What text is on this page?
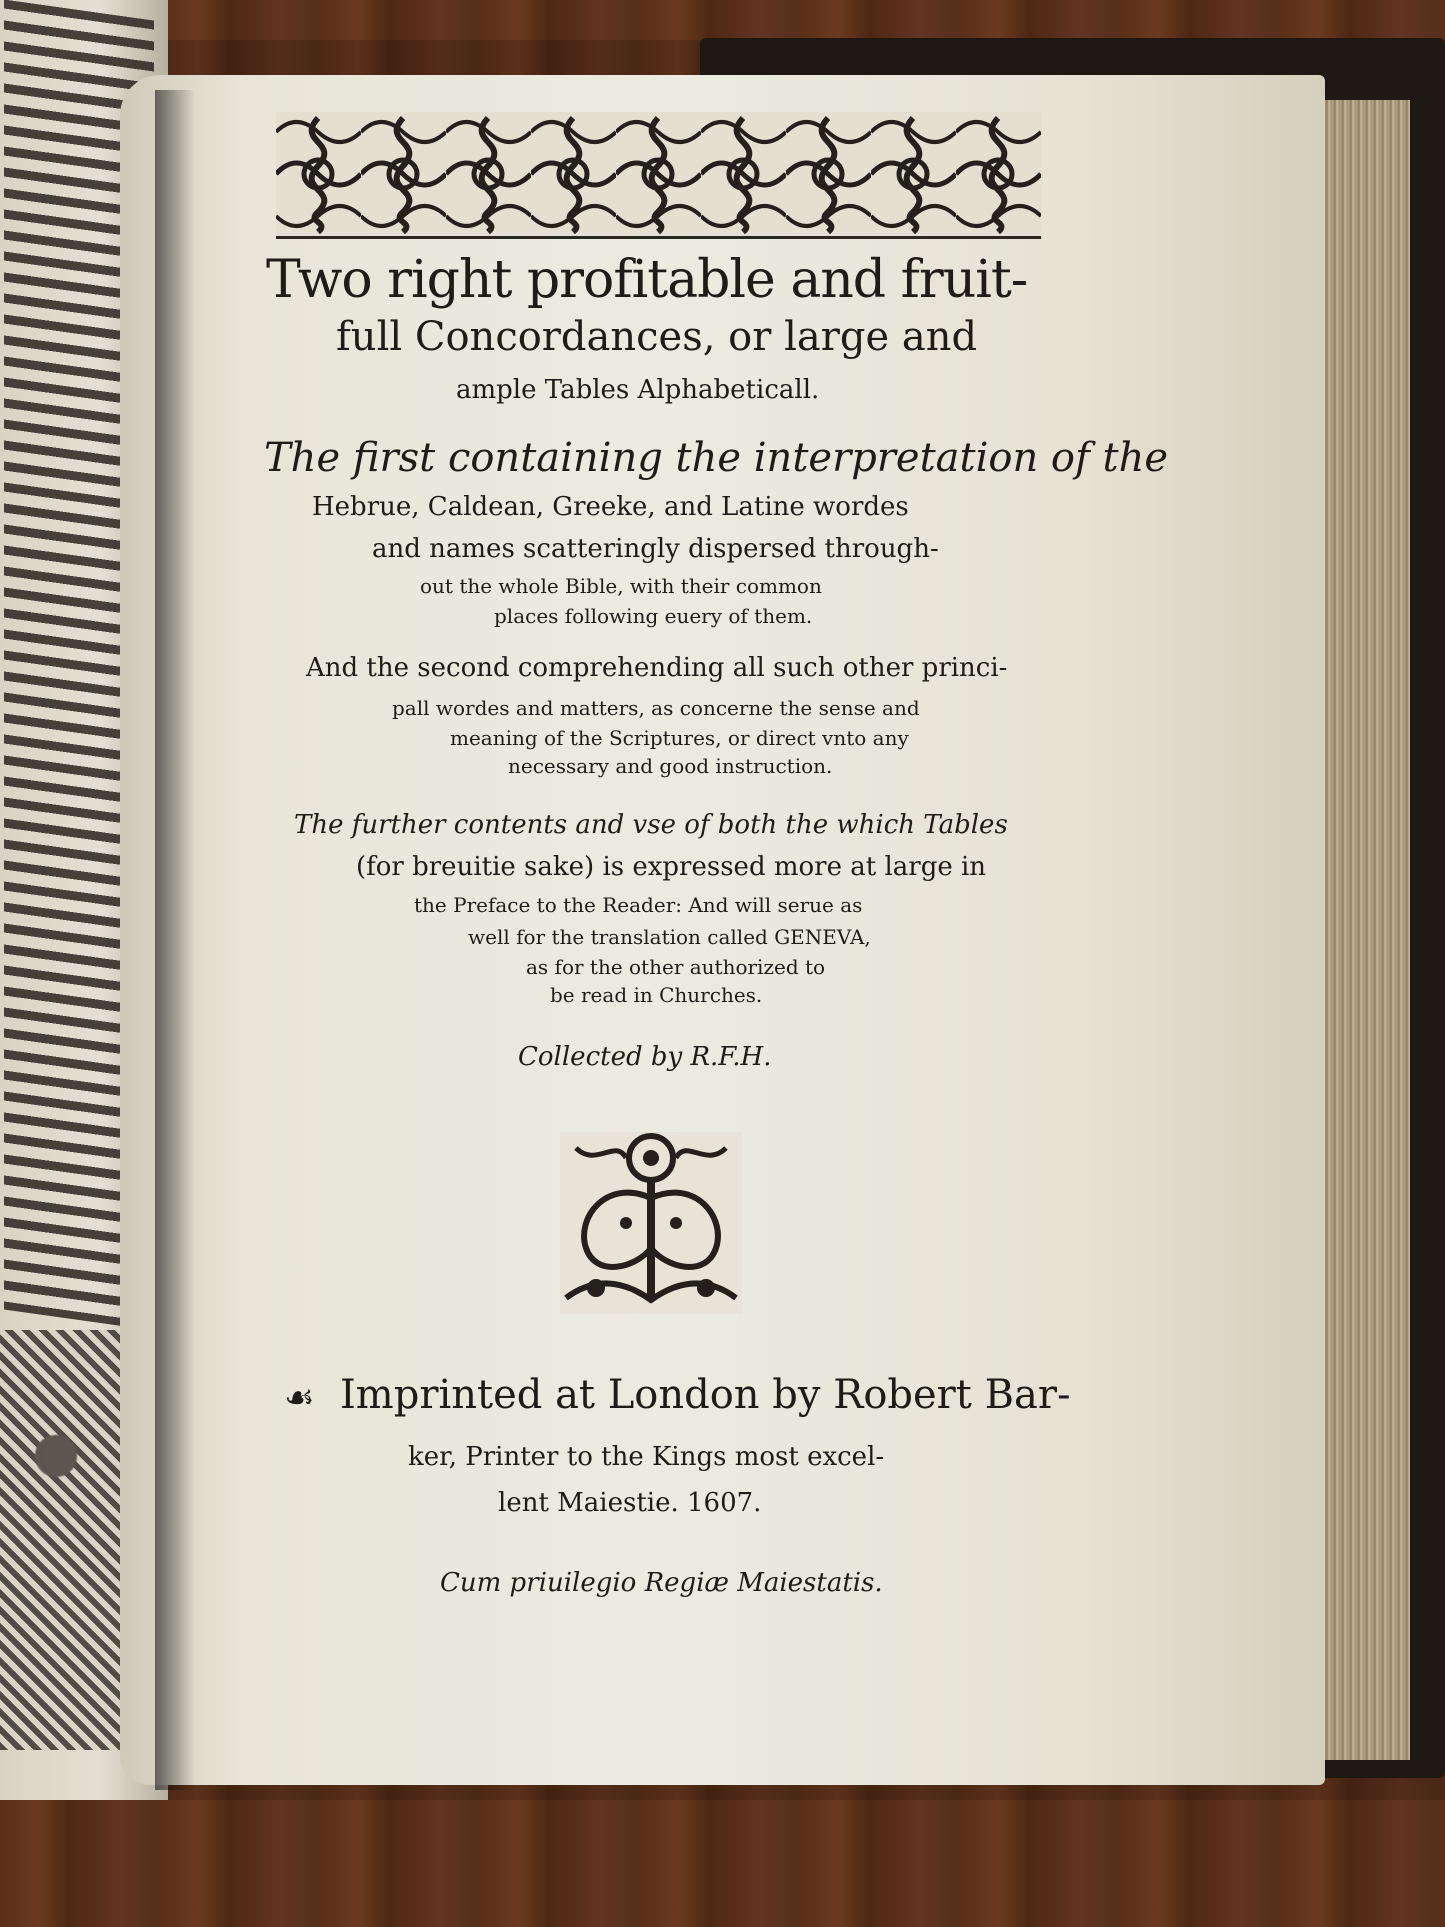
Two right profitable and fruit-
full Concordances, or large and
ample Tables Alphabeticall.
The first containing the interpretation of the
Hebrue, Caldean, Greeke, and Latine wordes
and names scatteringly dispersed through-
out the whole Bible, with their common
places following euery of them.
And the second comprehending all such other princi-
pall wordes and matters, as concerne the sense and
meaning of the Scriptures, or direct vnto any
necessary and good instruction.
The further contents and vse of both the which Tables
(for breuitie sake) is expressed more at large in
the Preface to the Reader: And will serue as
well for the translation called GENEVA,
as for the other authorized to
be read in Churches.
Collected by R.F.H.
☙ Imprinted at London by Robert Bar-
ker, Printer to the Kings most excel-
lent Maiestie. 1607.
Cum priuilegio Regiæ Maiestatis.
